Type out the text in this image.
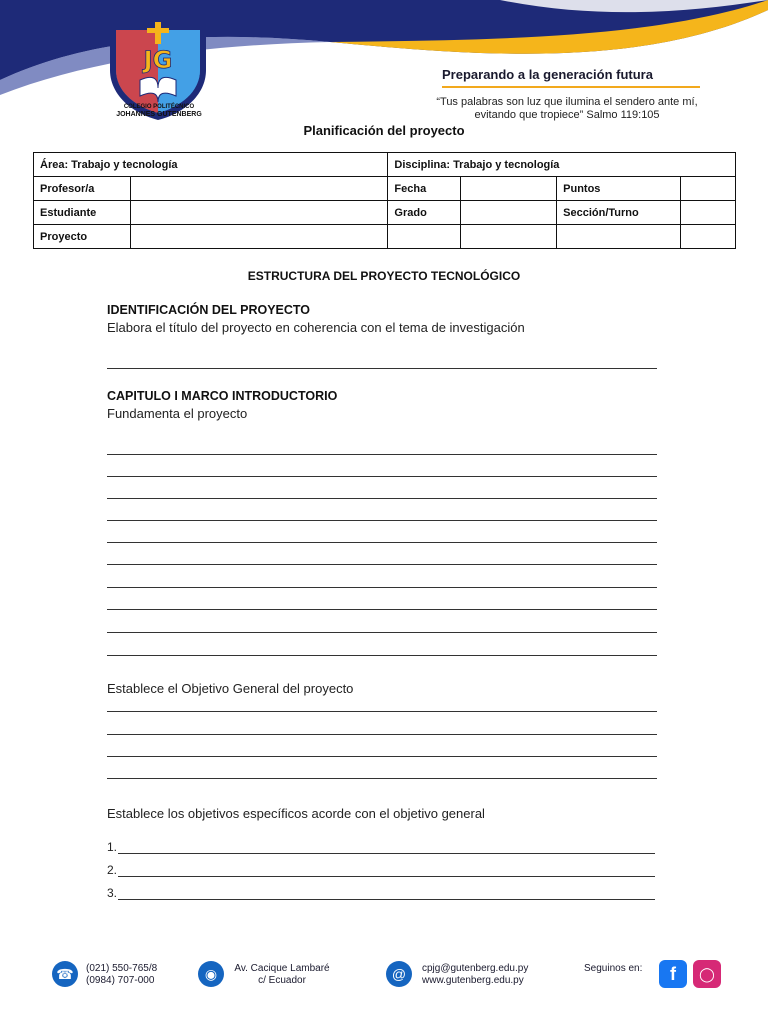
JG
COLEGIO POLITÉCNICO
JOHANNES GUTENBERG
Preparando a la generación futura
“Tus palabras son luz que ilumina el sendero ante mí,
evitando que tropiece” Salmo 119:105
Planificación del proyecto
Área: Trabajo y tecnología		Disciplina: Trabajo y tecnología			
Profesor/a		Fecha		Puntos	
Estudiante		Grado		Sección/Turno	
Proyecto					
ESTRUCTURA DEL PROYECTO TECNOLÓGICO
IDENTIFICACIÓN DEL PROYECTO
Elabora el título del proyecto en coherencia con el tema de investigación
CAPITULO I MARCO INTRODUCTORIO
Fundamenta el proyecto
Establece el Objetivo General del proyecto
Establece los objetivos específicos acorde con el objetivo general
1.
2.
3.
☎	(021) 550-765/8
(0984) 707-000	◉	Av. Cacique Lambaré
c/ Ecuador	@	cpjg@gutenberg.edu.py
www.gutenberg.edu.py
Seguinos en:	f	◯
